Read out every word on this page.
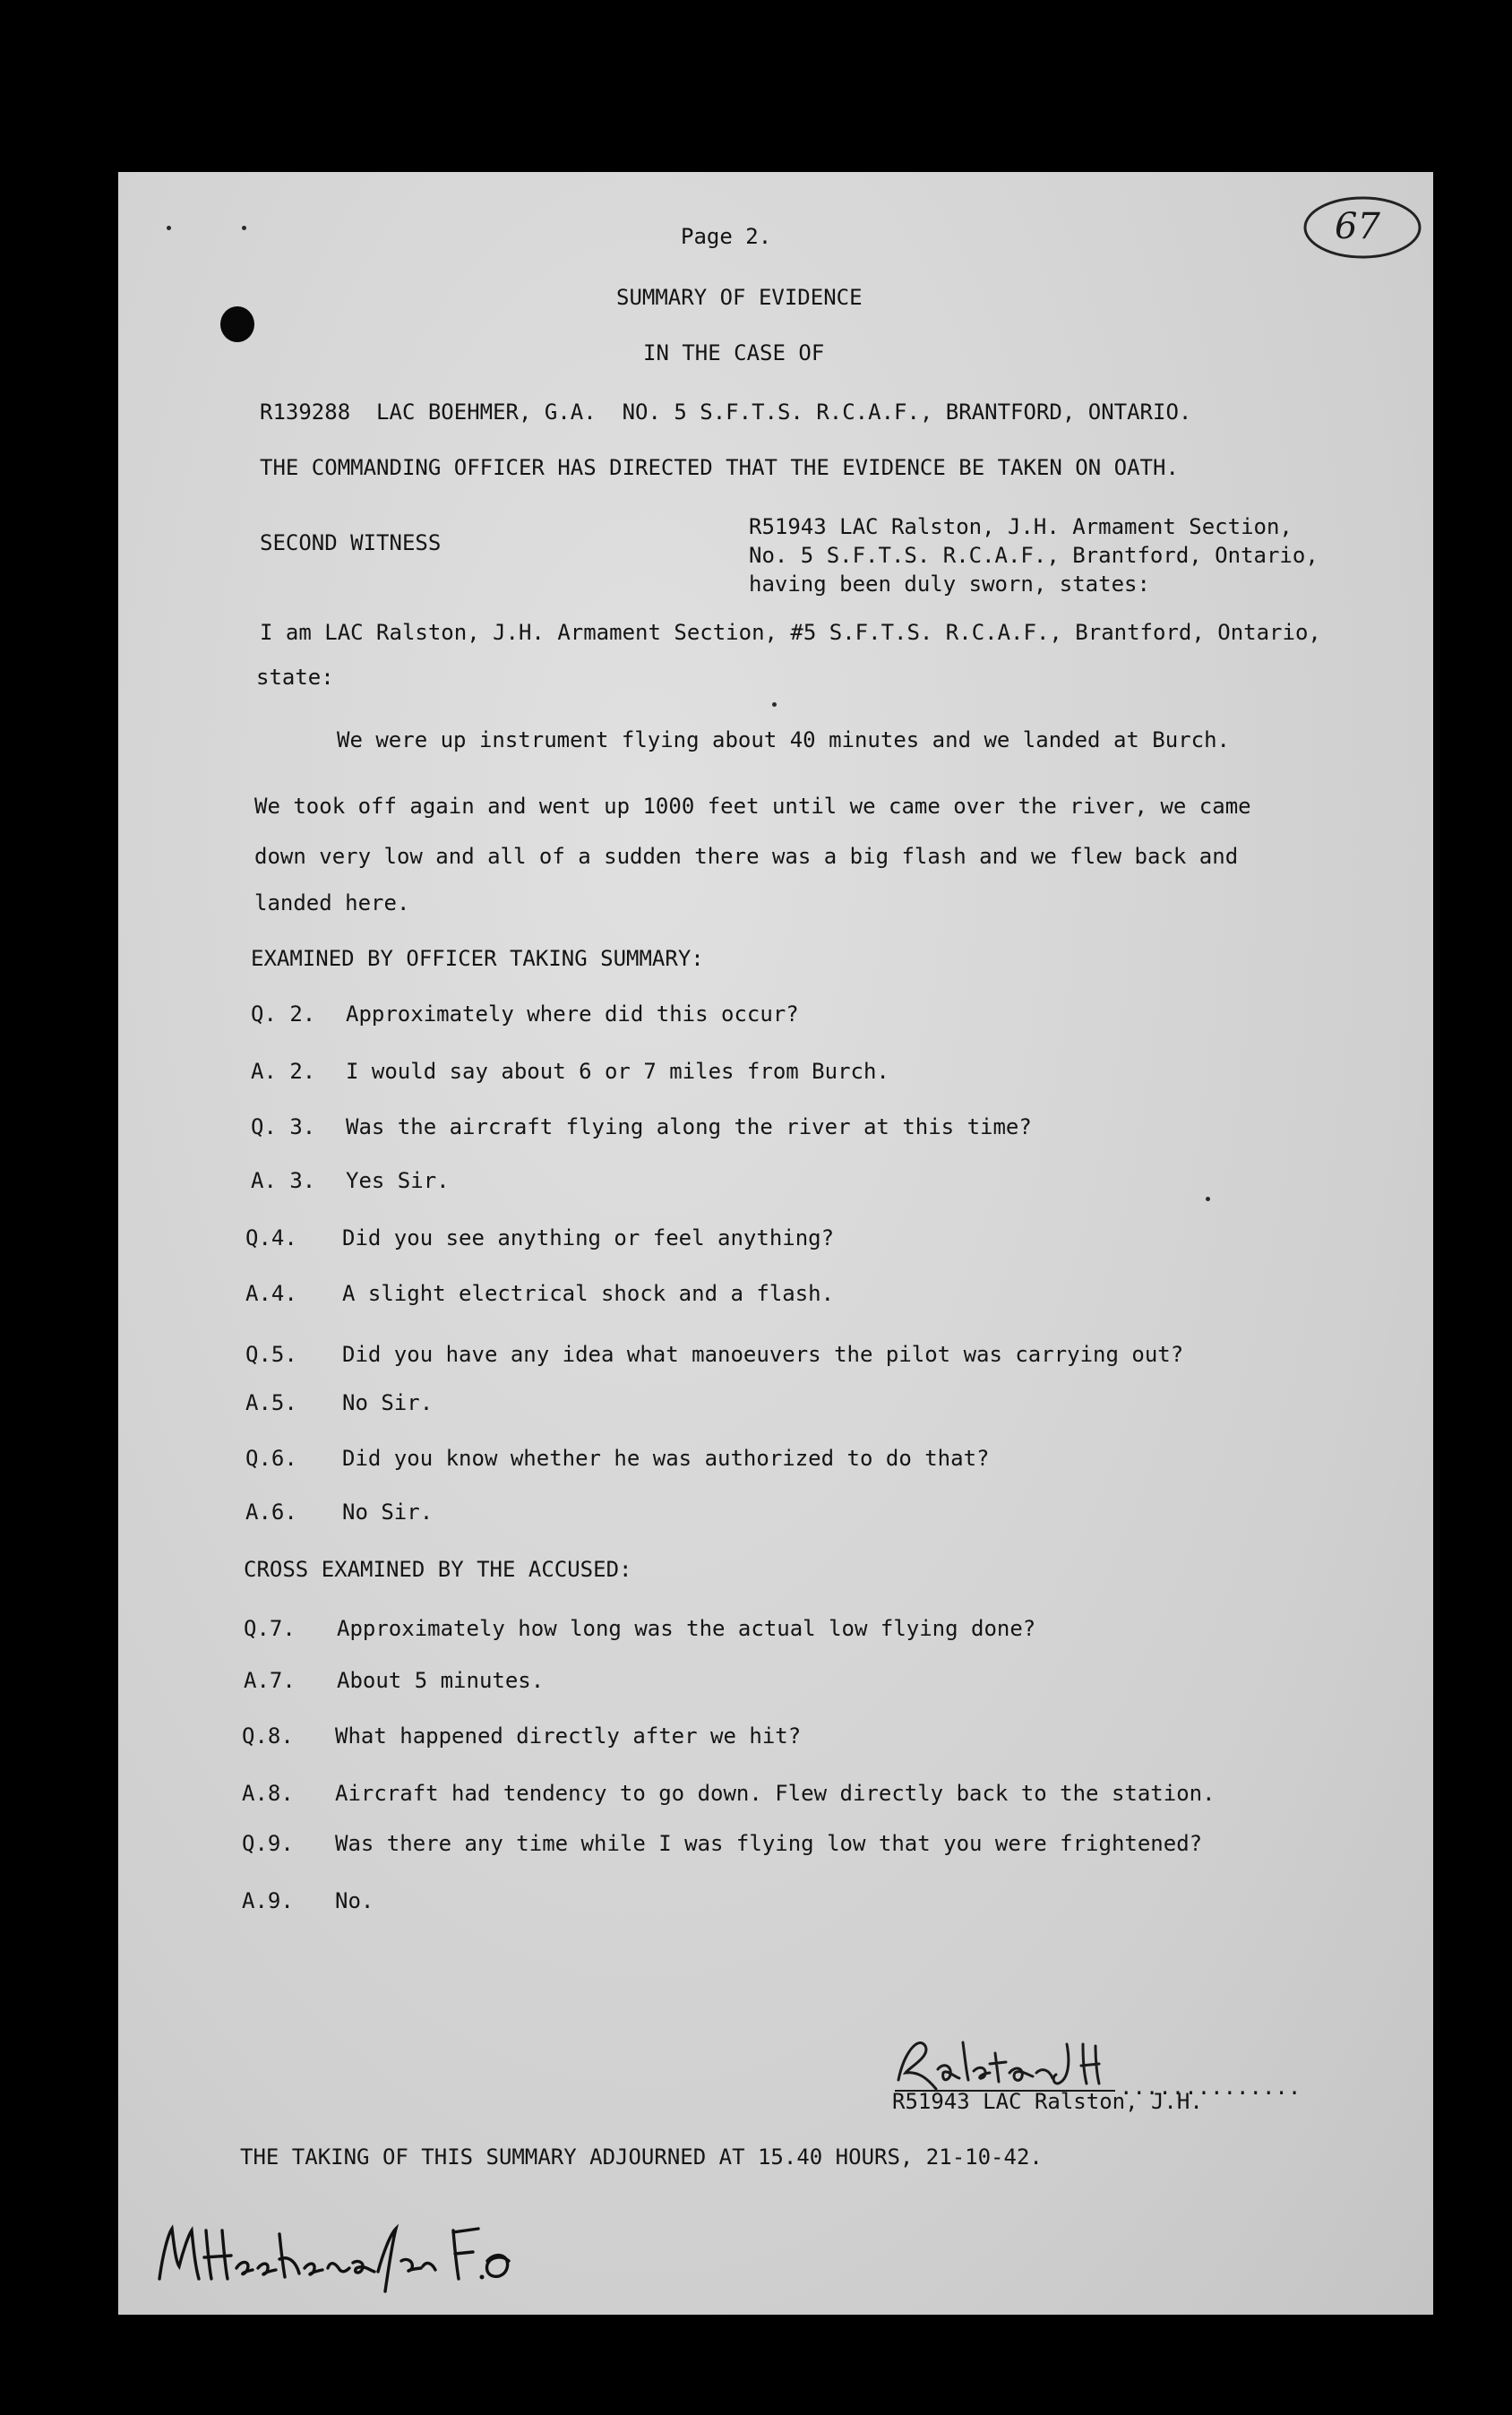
67
Page 2.
SUMMARY OF EVIDENCE
IN THE CASE OF
R139288  LAC BOEHMER, G.A.  NO. 5 S.F.T.S. R.C.A.F., BRANTFORD, ONTARIO.
THE COMMANDING OFFICER HAS DIRECTED THAT THE EVIDENCE BE TAKEN ON OATH.
SECOND WITNESS
R51943 LAC Ralston, J.H. Armament Section,
No. 5 S.F.T.S. R.C.A.F., Brantford, Ontario,
having been duly sworn, states:
I am LAC Ralston, J.H. Armament Section, #5 S.F.T.S. R.C.A.F., Brantford, Ontario,
state:
We were up instrument flying about 40 minutes and we landed at Burch.
We took off again and went up 1000 feet until we came over the river, we came
down very low and all of a sudden there was a big flash and we flew back and
landed here.
EXAMINED BY OFFICER TAKING SUMMARY:
Q. 2. Approximately where did this occur?
A. 2. I would say about 6 or 7 miles from Burch.
Q. 3. Was the aircraft flying along the river at this time?
A. 3. Yes Sir.
Q.4. Did you see anything or feel anything?
A.4. A slight electrical shock and a flash.
Q.5. Did you have any idea what manoeuvers the pilot was carrying out?
A.5. No Sir.
Q.6. Did you know whether he was authorized to do that?
A.6. No Sir.
CROSS EXAMINED BY THE ACCUSED:
Q.7. Approximately how long was the actual low flying done?
A.7. About 5 minutes.
Q.8. What happened directly after we hit?
A.8. Aircraft had tendency to go down. Flew directly back to the station.
Q.9. Was there any time while I was flying low that you were frightened?
A.9. No.
..............
R51943 LAC Ralston, J.H.
THE TAKING OF THIS SUMMARY ADJOURNED AT 15.40 HOURS, 21-10-42.
